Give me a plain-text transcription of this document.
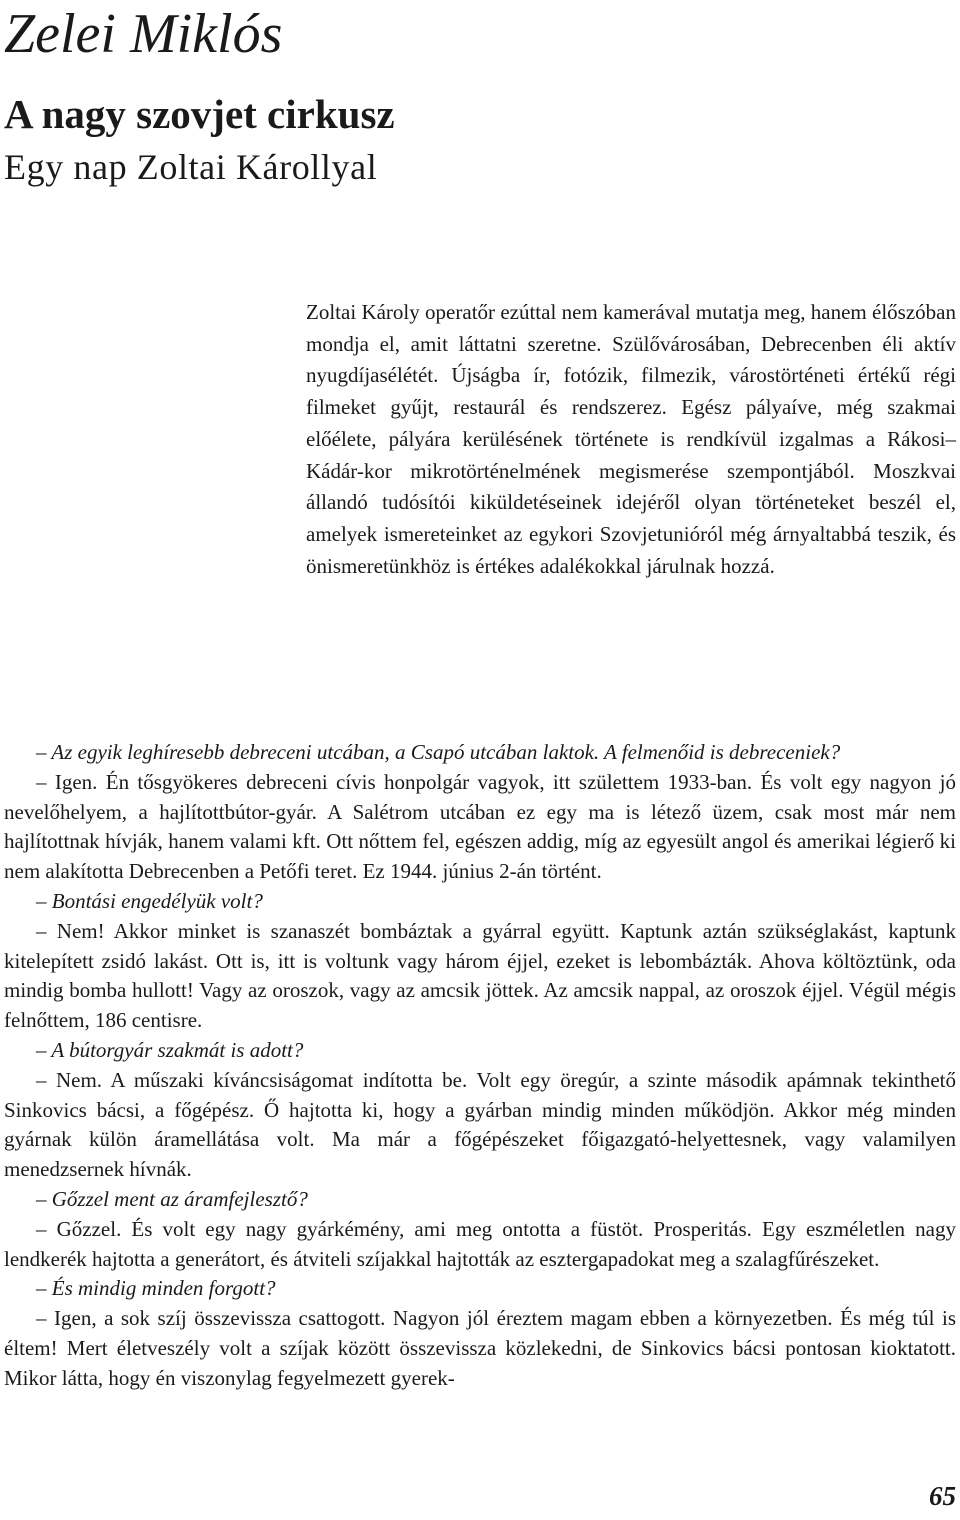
Zelei Miklós
A nagy szovjet cirkusz
Egy nap Zoltai Károllyal

Zoltai Károly operatőr ezúttal nem kamerával mutatja meg, hanem élőszóban mondja el, amit láttatni szeretne. Szülővárosában, Debrecenben éli aktív nyugdíjasélétét. Újságba ír, fotózik, filmezik, várostörténeti értékű régi filmeket gyűjt, restaurál és rendszerez. Egész pályaíve, még szakmai előélete, pályára kerülésének története is rendkívül izgalmas a Rákosi–Kádár-kor mikrotörténelmének megismerése szempontjából. Moszkvai állandó tudósítói kiküldetéseinek idejéről olyan történeteket beszél el, amelyek ismereteinket az egykori Szovjetunióról még árnyaltabbá teszik, és önismeretünkhöz is értékes adalékokkal járulnak hozzá.

– Az egyik leghíresebb debreceni utcában, a Csapó utcában laktok. A felmenőid is debreceniek?

– Igen. Én tősgyökeres debreceni cívis honpolgár vagyok, itt születtem 1933-ban. És volt egy nagyon jó nevelőhelyem, a hajlítottbútor-gyár. A Salétrom utcában ez egy ma is létező üzem, csak most már nem hajlítottnak hívják, hanem valami kft. Ott nőttem fel, egészen addig, míg az egyesült angol és amerikai légierő ki nem alakította Debrecenben a Petőfi teret. Ez 1944. június 2-án történt.

– Bontási engedélyük volt?

– Nem! Akkor minket is szanaszét bombáztak a gyárral együtt. Kaptunk aztán szükséglakást, kaptunk kitelepített zsidó lakást. Ott is, itt is voltunk vagy három éjjel, ezeket is lebombázták. Ahova költöztünk, oda mindig bomba hullott! Vagy az oroszok, vagy az amcsik jöttek. Az amcsik nappal, az oroszok éjjel. Végül mégis felnőttem, 186 centisre.

– A bútorgyár szakmát is adott?

– Nem. A műszaki kíváncsiságomat indította be. Volt egy öregúr, a szinte második apámnak tekinthető Sinkovics bácsi, a főgépész. Ő hajtotta ki, hogy a gyárban mindig minden működjön. Akkor még minden gyárnak külön áramellátása volt. Ma már a főgépészeket főigazgató-helyettesnek, vagy valamilyen menedzsernek hívnák.

– Gőzzel ment az áramfejlesztő?

– Gőzzel. És volt egy nagy gyárkémény, ami meg ontotta a füstöt. Prosperitás. Egy eszméletlen nagy lendkerék hajtotta a generátort, és átviteli szíjakkal hajtották az esztergapadokat meg a szalagfűrészeket.

– És mindig minden forgott?

– Igen, a sok szíj összevissza csattogott. Nagyon jól éreztem magam ebben a környezetben. És még túl is éltem! Mert életveszély volt a szíjak között összevissza közlekedni, de Sinkovics bácsi pontosan kioktatott. Mikor látta, hogy én viszonylag fegyelmezett gyerek-

65
